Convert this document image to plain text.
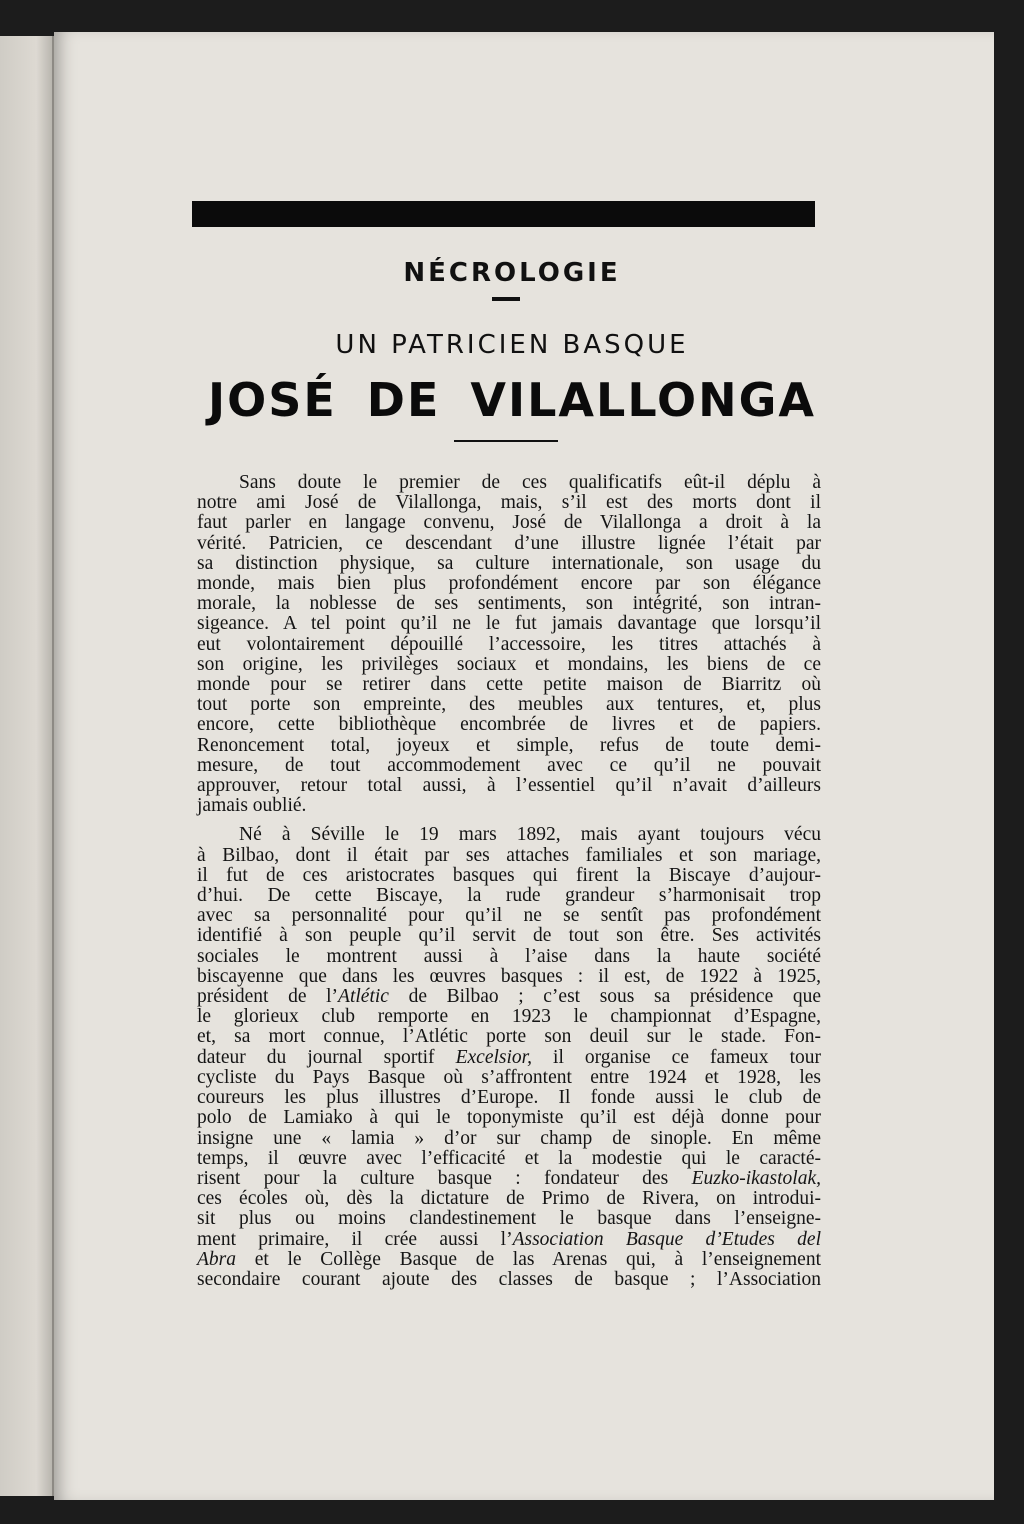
NÉCROLOGIE
UN PATRICIEN BASQUE
JOSÉ DE VILALLONGA
Sans doute le premier de ces qualificatifs eût-il déplu à
notre ami José de Vilallonga, mais, s’il est des morts dont il
faut parler en langage convenu, José de Vilallonga a droit à la
vérité. Patricien, ce descendant d’une illustre lignée l’était par
sa distinction physique, sa culture internationale, son usage du
monde, mais bien plus profondément encore par son élégance
morale, la noblesse de ses sentiments, son intégrité, son intran-
sigeance. A tel point qu’il ne le fut jamais davantage que lorsqu’il
eut volontairement dépouillé l’accessoire, les titres attachés à
son origine, les privilèges sociaux et mondains, les biens de ce
monde pour se retirer dans cette petite maison de Biarritz où
tout porte son empreinte, des meubles aux tentures, et, plus
encore, cette bibliothèque encombrée de livres et de papiers.
Renoncement total, joyeux et simple, refus de toute demi-
mesure, de tout accommodement avec ce qu’il ne pouvait
approuver, retour total aussi, à l’essentiel qu’il n’avait d’ailleurs
jamais oublié.
Né à Séville le 19 mars 1892, mais ayant toujours vécu
à Bilbao, dont il était par ses attaches familiales et son mariage,
il fut de ces aristocrates basques qui firent la Biscaye d’aujour-
d’hui. De cette Biscaye, la rude grandeur s’harmonisait trop
avec sa personnalité pour qu’il ne se sentît pas profondément
identifié à son peuple qu’il servit de tout son être. Ses activités
sociales le montrent aussi à l’aise dans la haute société
biscayenne que dans les œuvres basques : il est, de 1922 à 1925,
président de l’Atlétic de Bilbao ; c’est sous sa présidence que
le glorieux club remporte en 1923 le championnat d’Espagne,
et, sa mort connue, l’Atlétic porte son deuil sur le stade. Fon-
dateur du journal sportif Excelsior, il organise ce fameux tour
cycliste du Pays Basque où s’affrontent entre 1924 et 1928, les
coureurs les plus illustres d’Europe. Il fonde aussi le club de
polo de Lamiako à qui le toponymiste qu’il est déjà donne pour
insigne une « lamia » d’or sur champ de sinople. En même
temps, il œuvre avec l’efficacité et la modestie qui le caracté-
risent pour la culture basque : fondateur des Euzko-ikastolak,
ces écoles où, dès la dictature de Primo de Rivera, on introdui-
sit plus ou moins clandestinement le basque dans l’enseigne-
ment primaire, il crée aussi l’Association Basque d’Etudes del
Abra et le Collège Basque de las Arenas qui, à l’enseignement
secondaire courant ajoute des classes de basque ; l’Association
